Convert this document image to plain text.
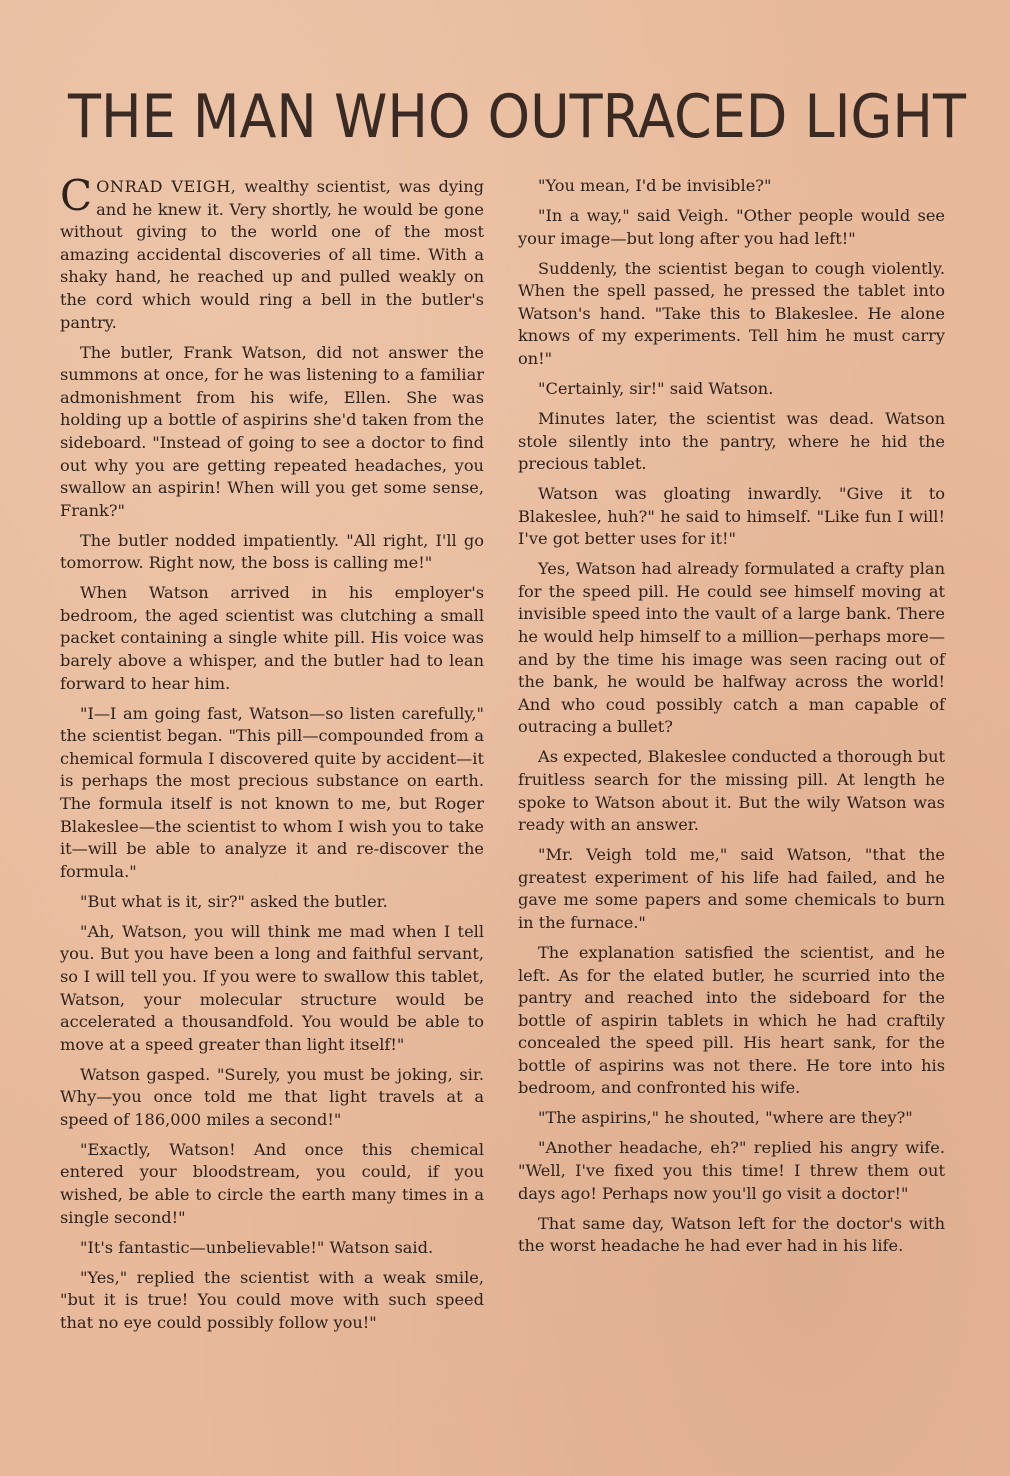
THE MAN WHO OUTRACED LIGHT

CONRAD VEIGH, wealthy scientist, was dying and he knew it. Very shortly, he would be gone without giving to the world one of the most amazing accidental discoveries of all time. With a shaky hand, he reached up and pulled weakly on the cord which would ring a bell in the butler's pantry.

The butler, Frank Watson, did not answer the summons at once, for he was listening to a familiar admonishment from his wife, Ellen. She was holding up a bottle of aspirins she'd taken from the sideboard. "Instead of going to see a doctor to find out why you are getting repeated headaches, you swallow an aspirin! When will you get some sense, Frank?"

The butler nodded impatiently. "All right, I'll go tomorrow. Right now, the boss is calling me!"

When Watson arrived in his employer's bedroom, the aged scientist was clutching a small packet containing a single white pill. His voice was barely above a whisper, and the butler had to lean forward to hear him.

"I—I am going fast, Watson—so listen carefully," the scientist began. "This pill—compounded from a chemical formula I discovered quite by accident—it is perhaps the most precious substance on earth. The formula itself is not known to me, but Roger Blakeslee—the scientist to whom I wish you to take it—will be able to analyze it and re-discover the formula."

"But what is it, sir?" asked the butler.

"Ah, Watson, you will think me mad when I tell you. But you have been a long and faithful servant, so I will tell you. If you were to swallow this tablet, Watson, your molecular structure would be accelerated a thousandfold. You would be able to move at a speed greater than light itself!"

Watson gasped. "Surely, you must be joking, sir. Why—you once told me that light travels at a speed of 186,000 miles a second!"

"Exactly, Watson! And once this chemical entered your bloodstream, you could, if you wished, be able to circle the earth many times in a single second!"

"It's fantastic—unbelievable!" Watson said.

"Yes," replied the scientist with a weak smile, "but it is true! You could move with such speed that no eye could possibly follow you!"

"You mean, I'd be invisible?"

"In a way," said Veigh. "Other people would see your image—but long after you had left!"

Suddenly, the scientist began to cough violently. When the spell passed, he pressed the tablet into Watson's hand. "Take this to Blakeslee. He alone knows of my experiments. Tell him he must carry on!"

"Certainly, sir!" said Watson.

Minutes later, the scientist was dead. Watson stole silently into the pantry, where he hid the precious tablet.

Watson was gloating inwardly. "Give it to Blakeslee, huh?" he said to himself. "Like fun I will! I've got better uses for it!"

Yes, Watson had already formulated a crafty plan for the speed pill. He could see himself moving at invisible speed into the vault of a large bank. There he would help himself to a million—perhaps more—and by the time his image was seen racing out of the bank, he would be halfway across the world! And who coud possibly catch a man capable of outracing a bullet?

As expected, Blakeslee conducted a thorough but fruitless search for the missing pill. At length he spoke to Watson about it. But the wily Watson was ready with an answer.

"Mr. Veigh told me," said Watson, "that the greatest experiment of his life had failed, and he gave me some papers and some chemicals to burn in the furnace."

The explanation satisfied the scientist, and he left. As for the elated butler, he scurried into the pantry and reached into the sideboard for the bottle of aspirin tablets in which he had craftily concealed the speed pill. His heart sank, for the bottle of aspirins was not there. He tore into his bedroom, and confronted his wife.

"The aspirins," he shouted, "where are they?"

"Another headache, eh?" replied his angry wife. "Well, I've fixed you this time! I threw them out days ago! Perhaps now you'll go visit a doctor!"

That same day, Watson left for the doctor's with the worst headache he had ever had in his life.
